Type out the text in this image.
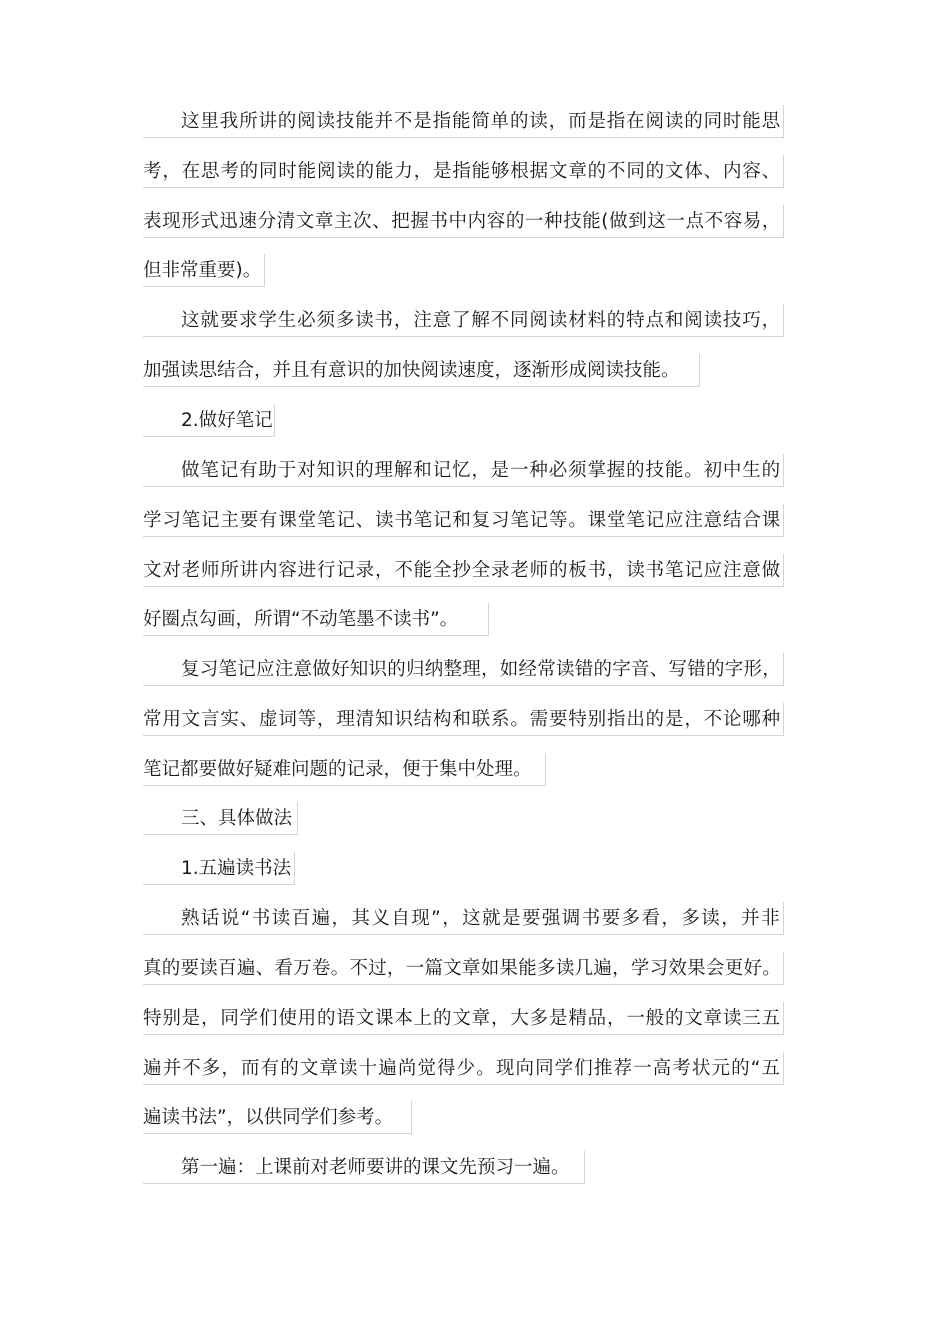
这里我所讲的阅读技能并不是指能简单的读，而是指在阅读的同时能思
考，在思考的同时能阅读的能力，是指能够根据文章的不同的文体、内容、
表现形式迅速分清文章主次、把握书中内容的一种技能(做到这一点不容易，
但非常重要)。
这就要求学生必须多读书，注意了解不同阅读材料的特点和阅读技巧，
加强读思结合，并且有意识的加快阅读速度，逐渐形成阅读技能。
2.做好笔记
做笔记有助于对知识的理解和记忆，是一种必须掌握的技能。初中生的
学习笔记主要有课堂笔记、读书笔记和复习笔记等。课堂笔记应注意结合课
文对老师所讲内容进行记录，不能全抄全录老师的板书，读书笔记应注意做
好圈点勾画，所谓“不动笔墨不读书”。
复习笔记应注意做好知识的归纳整理，如经常读错的字音、写错的字形，
常用文言实、虚词等，理清知识结构和联系。需要特别指出的是，不论哪种
笔记都要做好疑难问题的记录，便于集中处理。
三、具体做法
1.五遍读书法
熟话说“书读百遍，其义自现”，这就是要强调书要多看，多读，并非
真的要读百遍、看万卷。不过，一篇文章如果能多读几遍，学习效果会更好。
特别是，同学们使用的语文课本上的文章，大多是精品，一般的文章读三五
遍并不多，而有的文章读十遍尚觉得少。现向同学们推荐一高考状元的“五
遍读书法”，以供同学们参考。
第一遍：上课前对老师要讲的课文先预习一遍。
